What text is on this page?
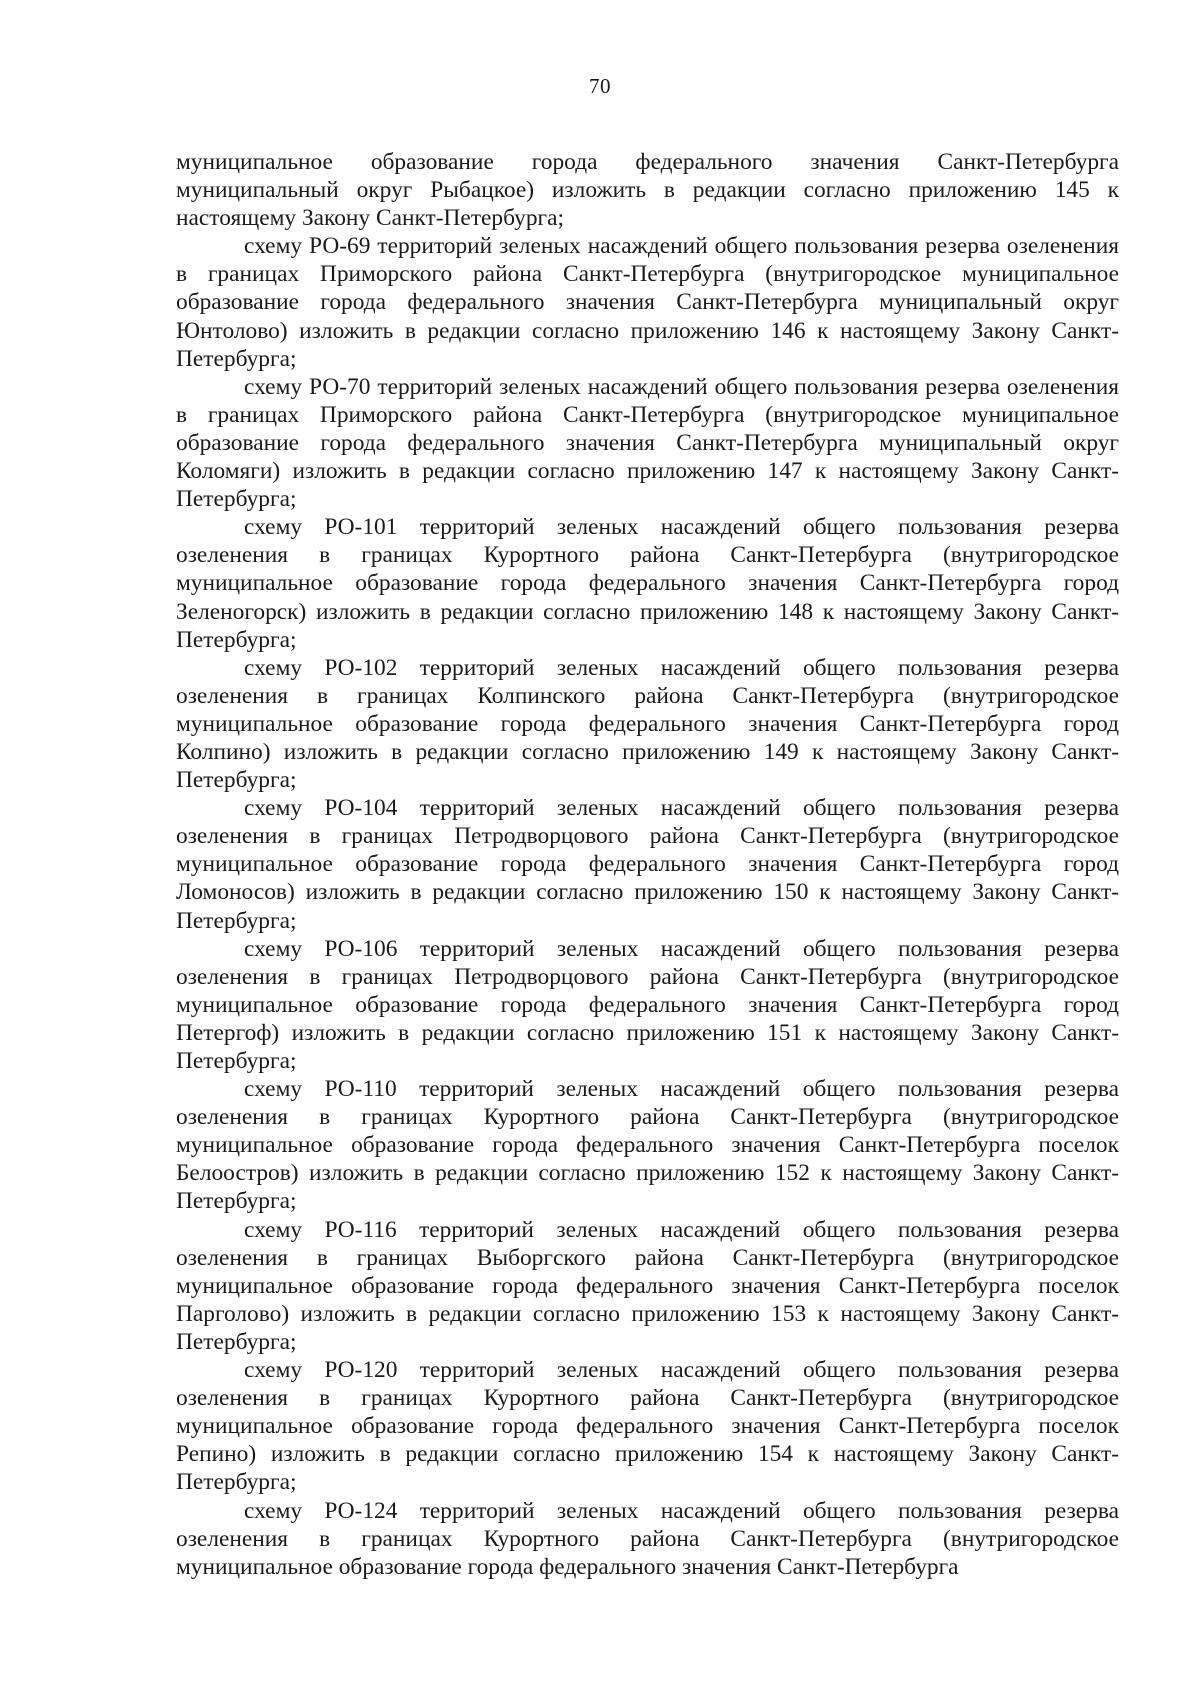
70

муниципальное образование города федерального значения Санкт-Петербурга муниципальный округ Рыбацкое) изложить в редакции согласно приложению 145 к настоящему Закону Санкт-Петербурга;

схему РО-69 территорий зеленых насаждений общего пользования резерва озеленения в границах Приморского района Санкт-Петербурга (внутригородское муниципальное образование города федерального значения Санкт-Петербурга муниципальный округ Юнтолово) изложить в редакции согласно приложению 146 к настоящему Закону Санкт-Петербурга;

схему РО-70 территорий зеленых насаждений общего пользования резерва озеленения в границах Приморского района Санкт-Петербурга (внутригородское муниципальное образование города федерального значения Санкт-Петербурга муниципальный округ Коломяги) изложить в редакции согласно приложению 147 к настоящему Закону Санкт-Петербурга;

схему РО-101 территорий зеленых насаждений общего пользования резерва озеленения в границах Курортного района Санкт-Петербурга (внутригородское муниципальное образование города федерального значения Санкт-Петербурга город Зеленогорск) изложить в редакции согласно приложению 148 к настоящему Закону Санкт-Петербурга;

схему РО-102 территорий зеленых насаждений общего пользования резерва озеленения в границах Колпинского района Санкт-Петербурга (внутригородское муниципальное образование города федерального значения Санкт-Петербурга город Колпино) изложить в редакции согласно приложению 149 к настоящему Закону Санкт-Петербурга;

схему РО-104 территорий зеленых насаждений общего пользования резерва озеленения в границах Петродворцового района Санкт-Петербурга (внутригородское муниципальное образование города федерального значения Санкт-Петербурга город Ломоносов) изложить в редакции согласно приложению 150 к настоящему Закону Санкт-Петербурга;

схему РО-106 территорий зеленых насаждений общего пользования резерва озеленения в границах Петродворцового района Санкт-Петербурга (внутригородское муниципальное образование города федерального значения Санкт-Петербурга город Петергоф) изложить в редакции согласно приложению 151 к настоящему Закону Санкт-Петербурга;

схему РО-110 территорий зеленых насаждений общего пользования резерва озеленения в границах Курортного района Санкт-Петербурга (внутригородское муниципальное образование города федерального значения Санкт-Петербурга поселок Белоостров) изложить в редакции согласно приложению 152 к настоящему Закону Санкт-Петербурга;

схему РО-116 территорий зеленых насаждений общего пользования резерва озеленения в границах Выборгского района Санкт-Петербурга (внутригородское муниципальное образование города федерального значения Санкт-Петербурга поселок Парголово) изложить в редакции согласно приложению 153 к настоящему Закону Санкт-Петербурга;

схему РО-120 территорий зеленых насаждений общего пользования резерва озеленения в границах Курортного района Санкт-Петербурга (внутригородское муниципальное образование города федерального значения Санкт-Петербурга поселок Репино) изложить в редакции согласно приложению 154 к настоящему Закону Санкт-Петербурга;

схему РО-124 территорий зеленых насаждений общего пользования резерва озеленения в границах Курортного района Санкт-Петербурга (внутригородское муниципальное образование города федерального значения Санкт-Петербурга
